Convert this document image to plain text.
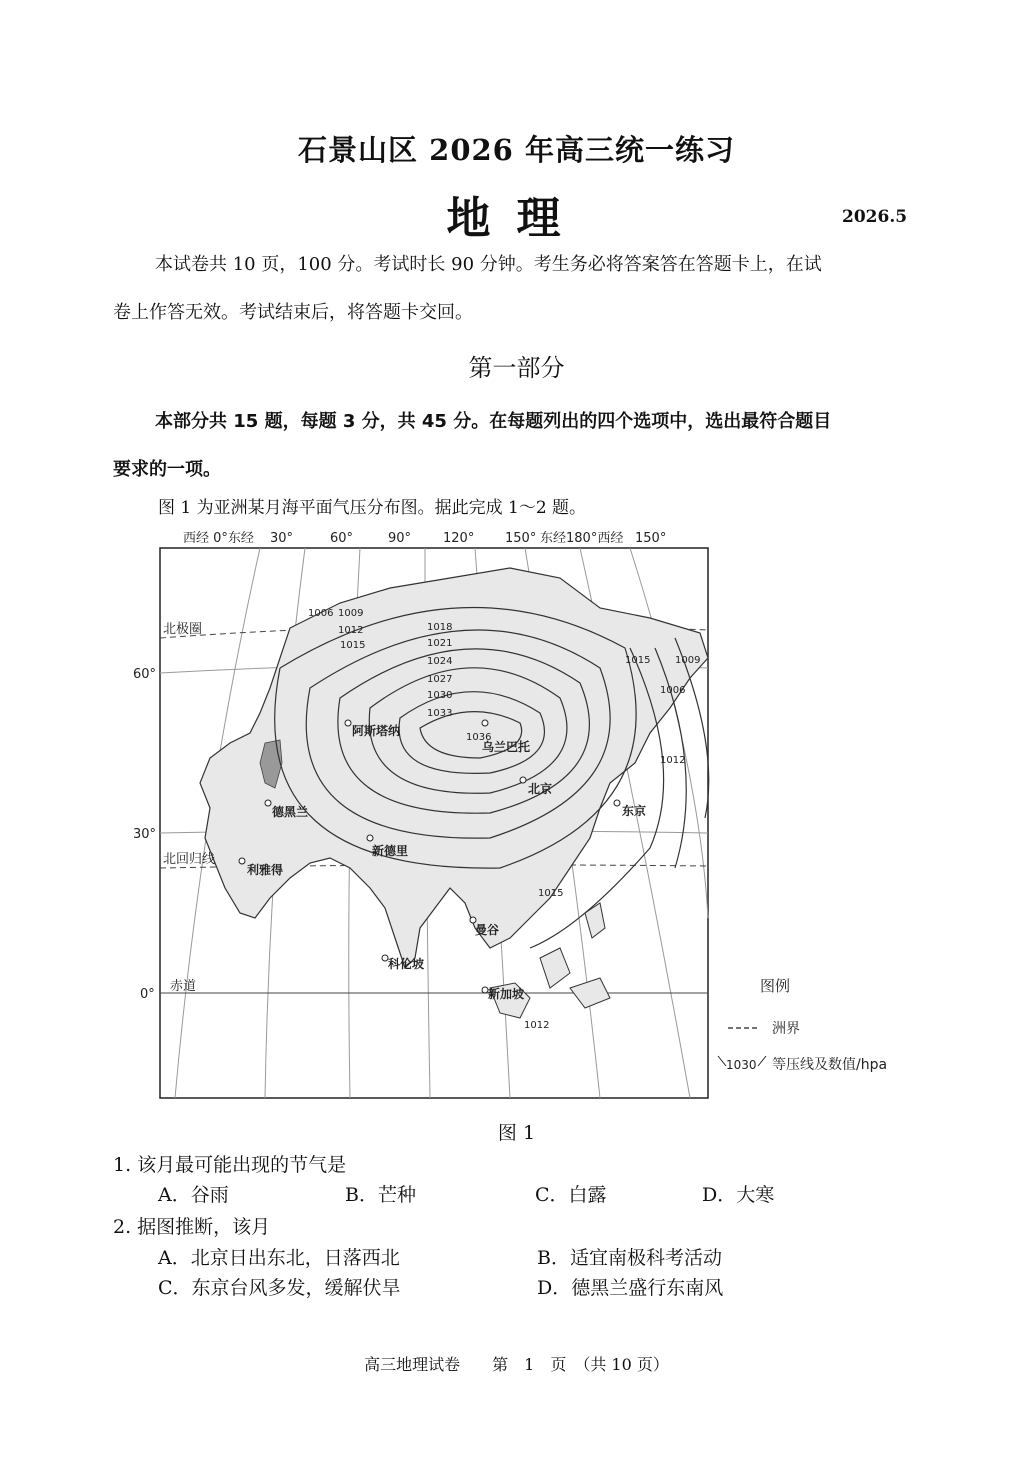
石景山区 2026 年高三统一练习
地理	2026.5
本试卷共 10 页，100 分。考试时长 90 分钟。考生务必将答案答在答题卡上，在试
卷上作答无效。考试结束后，将答题卡交回。
第一部分
本部分共 15 题，每题 3 分，共 45 分。在每题列出的四个选项中，选出最符合题目
要求的一项。
图 1 为亚洲某月海平面气压分布图。据此完成 1～2 题。
西经 0°东经 30°	60°	90° 120° 150° 东经180°西经 150°
60°
30°
0°
北极圈
北回归线
赤道
阿斯塔纳
乌兰巴托
北京
东京
德黑兰
新德里
利雅得
曼谷
科伦坡
新加坡
1006 1009
1012
1015
1018
1021
1024
1027
1030
1033
1036
1015 1009
1006
1012
1015
1012
图例
洲界
1030 等压线及数值/hpa
图 1
1. 该月最可能出现的节气是
A．谷雨	B．芒种	C．白露	D．大寒
2. 据图推断，该月
A．北京日出东北，日落西北	B．适宜南极科考活动
C．东京台风多发，缓解伏旱	D．德黑兰盛行东南风
高三地理试卷　　第　1　页　（共 10 页）
